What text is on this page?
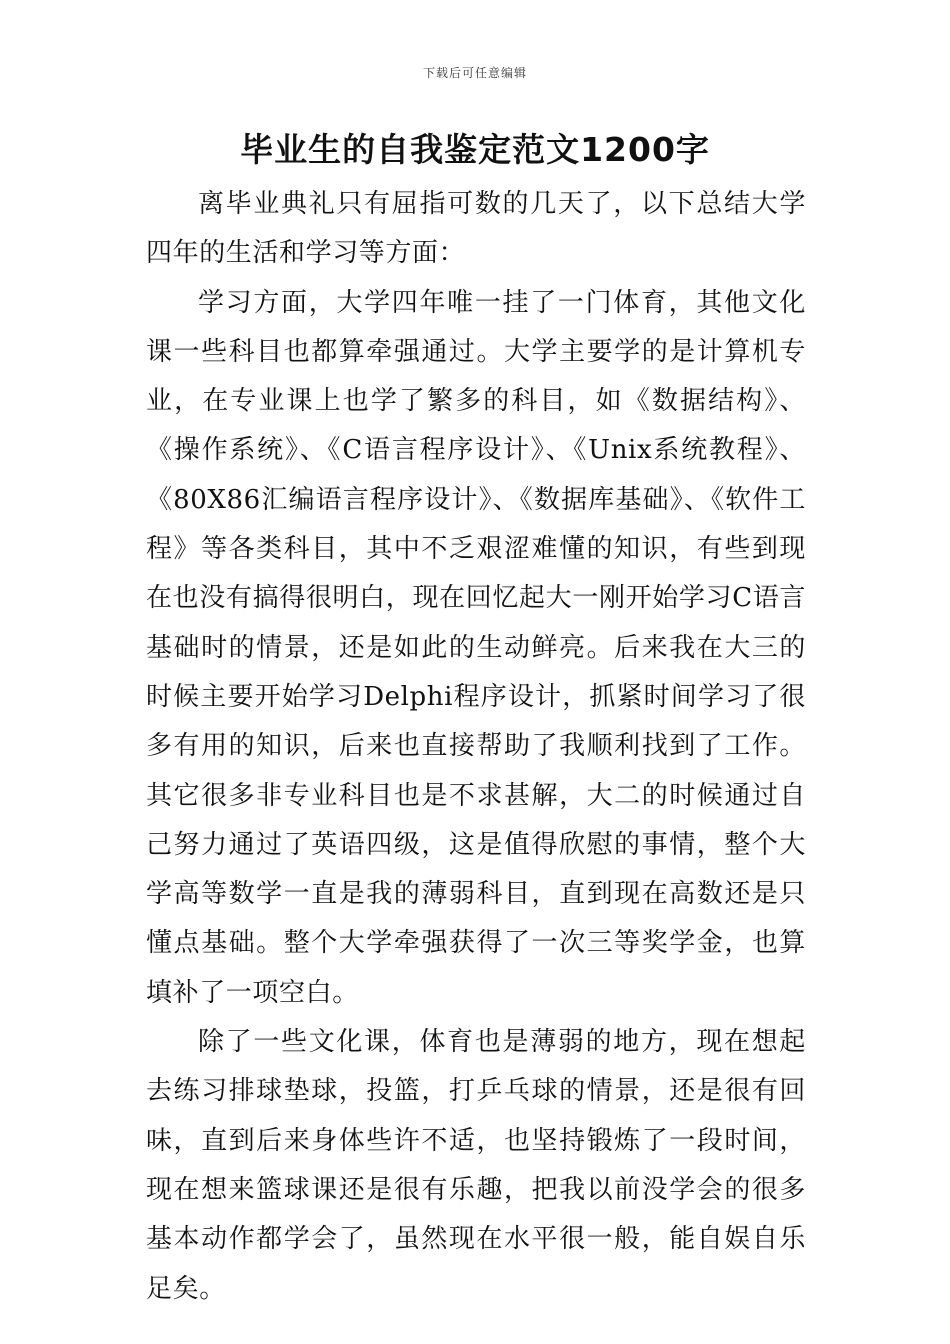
下载后可任意编辑
毕业生的自我鉴定范文1200字

离毕业典礼只有屈指可数的几天了，以下总结大学四年的生活和学习等方面：

学习方面，大学四年唯一挂了一门体育，其他文化课一些科目也都算牵强通过。大学主要学的是计算机专业，在专业课上也学了繁多的科目，如《数据结构》、《操作系统》、《C语言程序设计》、《Unix系统教程》、《80X86汇编语言程序设计》、《数据库基础》、《软件工程》等各类科目，其中不乏艰涩难懂的知识，有些到现在也没有搞得很明白，现在回忆起大一刚开始学习C语言基础时的情景，还是如此的生动鲜亮。后来我在大三的时候主要开始学习Delphi程序设计，抓紧时间学习了很多有用的知识，后来也直接帮助了我顺利找到了工作。其它很多非专业科目也是不求甚解，大二的时候通过自己努力通过了英语四级，这是值得欣慰的事情，整个大学高等数学一直是我的薄弱科目，直到现在高数还是只懂点基础。整个大学牵强获得了一次三等奖学金，也算填补了一项空白。

除了一些文化课，体育也是薄弱的地方，现在想起去练习排球垫球，投篮，打乒乓球的情景，还是很有回味，直到后来身体些许不适，也坚持锻炼了一段时间，现在想来篮球课还是很有乐趣，把我以前没学会的很多基本动作都学会了，虽然现在水平很一般，能自娱自乐足矣。
